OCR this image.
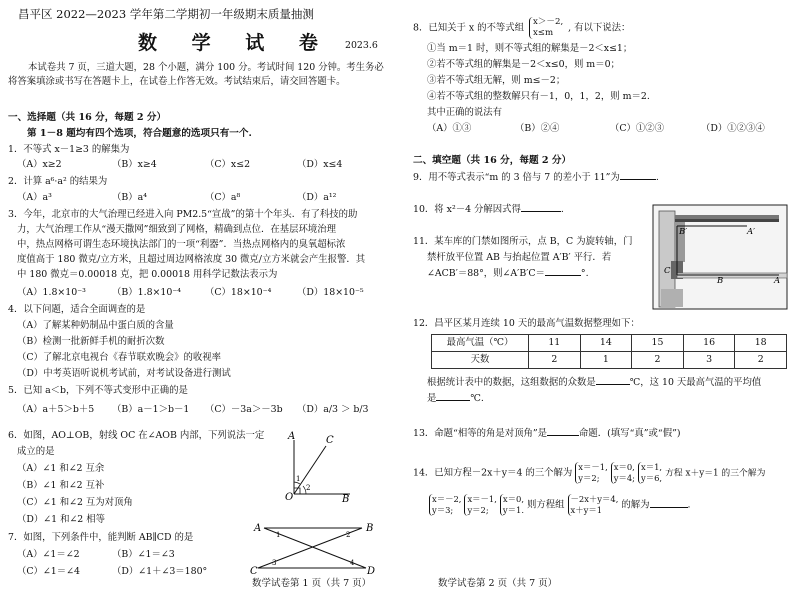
昌平区 2022—2023 学年第二学期初一年级期末质量抽测
数 学 试 卷 2023.6
本试卷共 7 页，三道大题，28 个小题，满分 100 分。考试时间 120 分钟。考生务必
将答案填涂或书写在答题卡上，在试卷上作答无效。考试结束后，请交回答题卡。
一、选择题（共 16 分，每题 2 分）
第 1－8 题均有四个选项，符合题意的选项只有一个.
1．不等式 x－1≥3 的解集为
（A）x≥2	（B）x≥4	（C）x≤2	（D）x≤4
2．计算 a⁶·a² 的结果为
（A）a³	（B）a⁴	（C）a⁸	（D）a¹²
3．今年，北京市的大气治理已经进入向 PM2.5“宣战”的第十个年头．有了科技的助
力，大气治理工作从“漫天撒网”细致到了网格，精确到点位．在基层环境治理
中，热点网格可谓生态环境执法部门的一项“利器”．当热点网格内的臭氧超标浓
度值高于 180 微克/立方米，且超过周边网格浓度 30 微克/立方米就会产生报警．其
中 180 微克＝0.00018 克，把 0.00018 用科学记数法表示为
（A）1.8×10⁻³	（B）1.8×10⁻⁴	（C）18×10⁻⁴	（D）18×10⁻⁵
4．以下问题，适合全面调查的是
（A）了解某种奶制品中蛋白质的含量
（B）检测一批新鲜手机的耐折次数
（C）了解北京电视台《春节联欢晚会》的收视率
（D）中考英语听说机考试前，对考试设备进行测试
5．已知 a＜b，下列不等式变形中正确的是
（A）a＋5＞b＋5 （B）a－1＞b－1 （C）－3a＞－3b （D）a/3 ＞ b/3
6．如图，AO⊥OB，射线 OC 在∠AOB 内部，下列说法一定
成立的是
（A）∠1 和∠2 互余
（B）∠1 和∠2 互补
（C）∠1 和∠2 互为对顶角
（D）∠1 和∠2 相等
A	C
O	B
1
2
7．如图，下列条件中，能判断 AB∥CD 的是
（A）∠1＝∠2	（B）∠1＝∠3
（C）∠1＝∠4	（D）∠1＋∠3＝180°
A	B
C	D
1	2
3	4
数学试卷第 1 页（共 7 页）
8．已知关于 x 的不等式组
x＞－2,
x≤m	, 有以下说法：
①当 m＝1 时，则不等式组的解集是－2＜x≤1；
②若不等式组的解集是－2＜x≤0，则 m＝0；
③若不等式组无解，则 m≤－2；
④若不等式组的整数解只有－1，0，1，2，则 m＝2.
其中正确的说法有
（A）①③	（B）②④	（C）①②③	（D）①②③④
二、填空题（共 16 分，每题 2 分）
9．用不等式表示“m 的 3 倍与 7 的差小于 11”为	.
10．将 x²－4 分解因式得	.
11．某车库的门禁如图所示，点 B，C 为旋转轴，门
禁杆放平位置 AB 与抬起位置 A′B′ 平行．若
∠ACB′＝88°，则∠A′B′C＝	°.
B′	A′
C
B	A
12．昌平区某月连续 10 天的最高气温数据整理如下：
最高气温（℃）	11	14	15	16	18
天数	2	1	2	3	2
根据统计表中的数据，这组数据的众数是	℃，这 10 天最高气温的平均值
是	℃.
13．命题“相等的角是对顶角”是	命题．(填写“真”或“假”)
14．已知方程－2x＋y＝4 的三个解为
x＝－1,
y＝2;

x＝0,
y＝4;

x＝1,
y＝6, 方程 x＋y＝1 的三个解为
x＝－2,
y＝3;

x＝－1,
y＝2;

x＝0,
y＝1. 则方程组
－2x＋y＝4,
x＋y＝1	的解为	.
数学试卷第 2 页（共 7 页）
